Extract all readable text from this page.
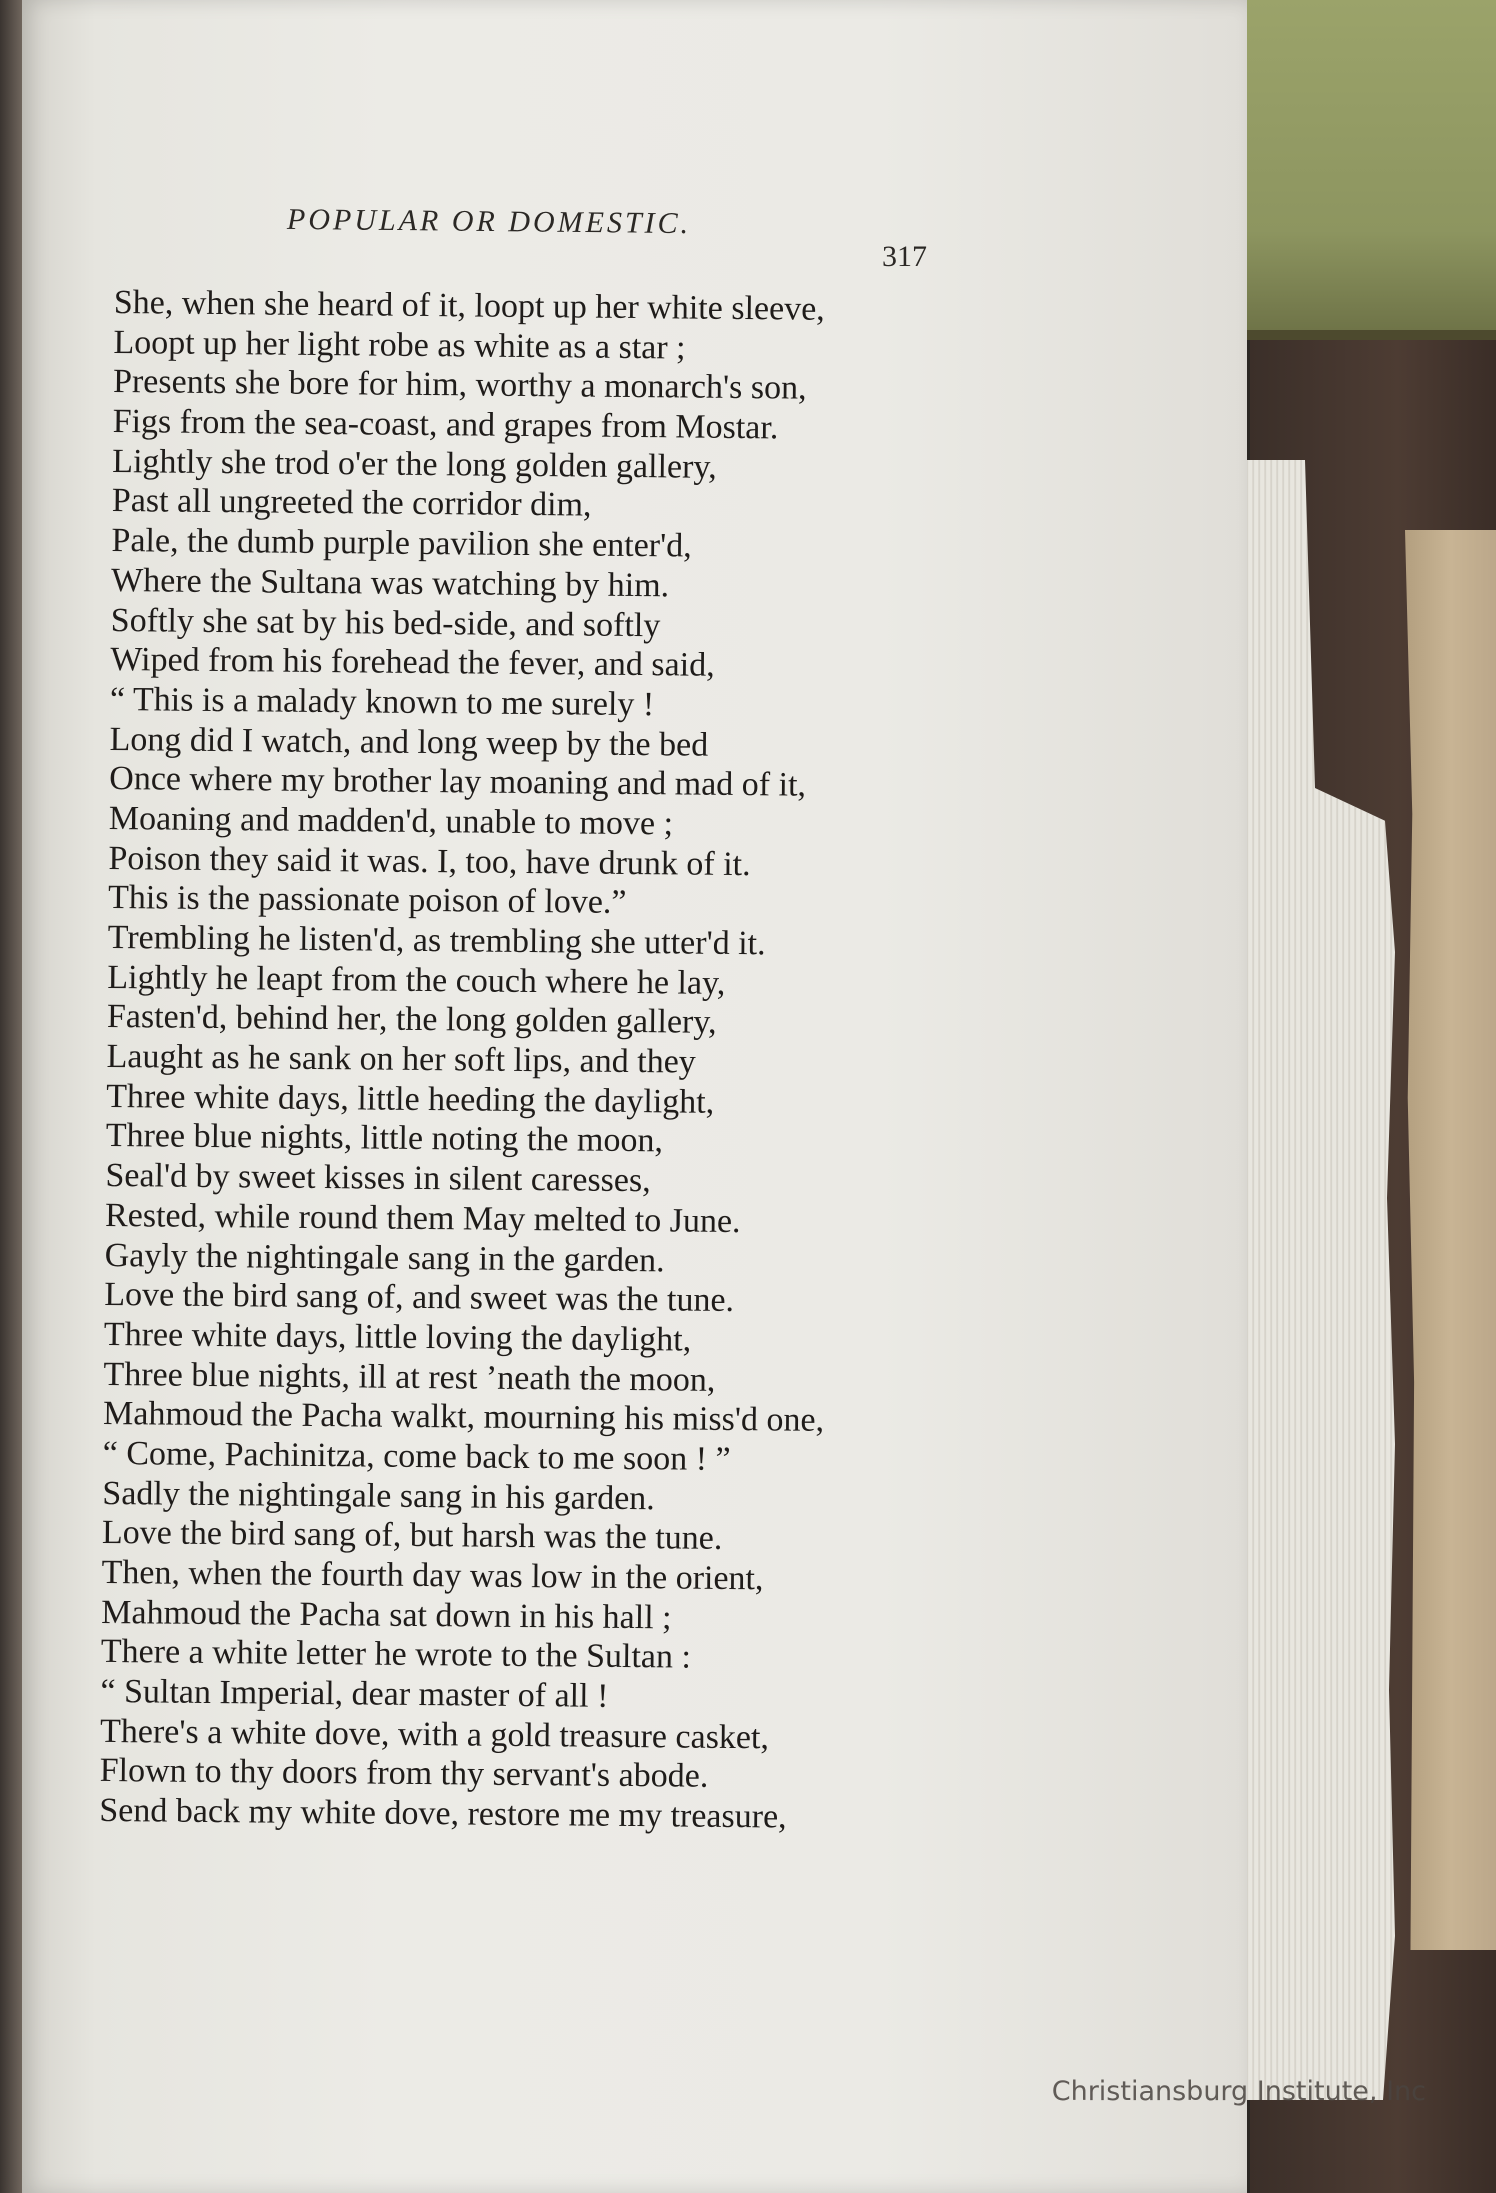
POPULAR OR DOMESTIC.
317
She, when she heard of it, loopt up her white sleeve,
Loopt up her light robe as white as a star ;
Presents she bore for him, worthy a monarch's son,
Figs from the sea-coast, and grapes from Mostar.
Lightly she trod o'er the long golden gallery,
Past all ungreeted the corridor dim,
Pale, the dumb purple pavilion she enter'd,
Where the Sultana was watching by him.
Softly she sat by his bed-side, and softly
Wiped from his forehead the fever, and said,
“ This is a malady known to me surely !
Long did I watch, and long weep by the bed
Once where my brother lay moaning and mad of it,
Moaning and madden'd, unable to move ;
Poison they said it was. I, too, have drunk of it.
This is the passionate poison of love.”
Trembling he listen'd, as trembling she utter'd it.
Lightly he leapt from the couch where he lay,
Fasten'd, behind her, the long golden gallery,
Laught as he sank on her soft lips, and they
Three white days, little heeding the daylight,
Three blue nights, little noting the moon,
Seal'd by sweet kisses in silent caresses,
Rested, while round them May melted to June.
Gayly the nightingale sang in the garden.
Love the bird sang of, and sweet was the tune.
Three white days, little loving the daylight,
Three blue nights, ill at rest ’neath the moon,
Mahmoud the Pacha walkt, mourning his miss'd one,
“ Come, Pachinitza, come back to me soon ! ”
Sadly the nightingale sang in his garden.
Love the bird sang of, but harsh was the tune.
Then, when the fourth day was low in the orient,
Mahmoud the Pacha sat down in his hall ;
There a white letter he wrote to the Sultan :
“ Sultan Imperial, dear master of all !
There's a white dove, with a gold treasure casket,
Flown to thy doors from thy servant's abode.
Send back my white dove, restore me my treasure,
Christiansburg Institute, Inc
